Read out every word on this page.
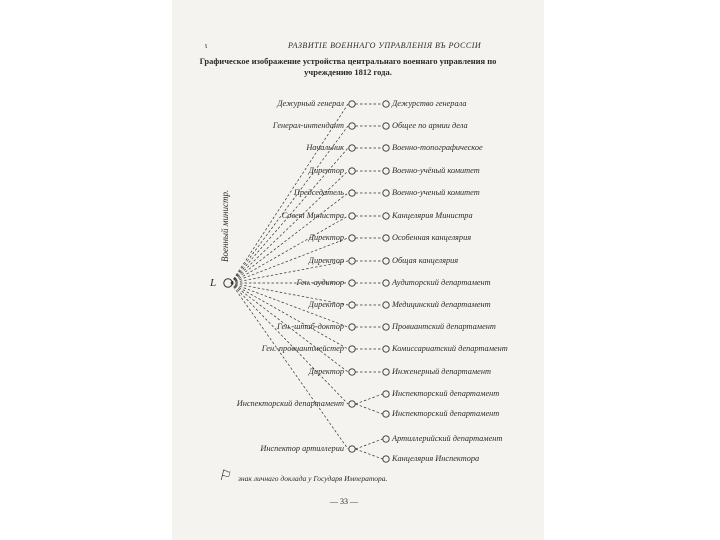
ɩ	РАЗВИТІЕ ВОЕННАГО УПРАВЛЕНІЯ ВЪ РОССІИ
Графическое изображение устройства центральнаго военнаго управления по учреждению 1812 года.
Военный министр.
L
Дежурный генерал
Генерал-интендант
Начальник
Директор
Председатель
Совет Министра
Директор
Директор
Ген.-аудитор
Директор
Ген.-штаб-доктор
Ген.-провиантмейстер
Директор
Инспекторский департамент
Инспектор артиллерии
Дежурство генерала
Общее по армии дела
Военно-топографическое
Военно-учёный комитет
Военно-ученый комитет
Канцелярия Министра
Особенная канцелярия
Общая канцелярия
Аудиторский департамент
Медицинский департамент
Провиантский департамент
Комиссариатский департамент
Инженерный департамент
Инспекторский департамент
Инспекторский департамент
Артиллерийский департамент
Канцелярия Инспектора
⚐ знак личнаго доклада у Государя Императора.
— 33 —
